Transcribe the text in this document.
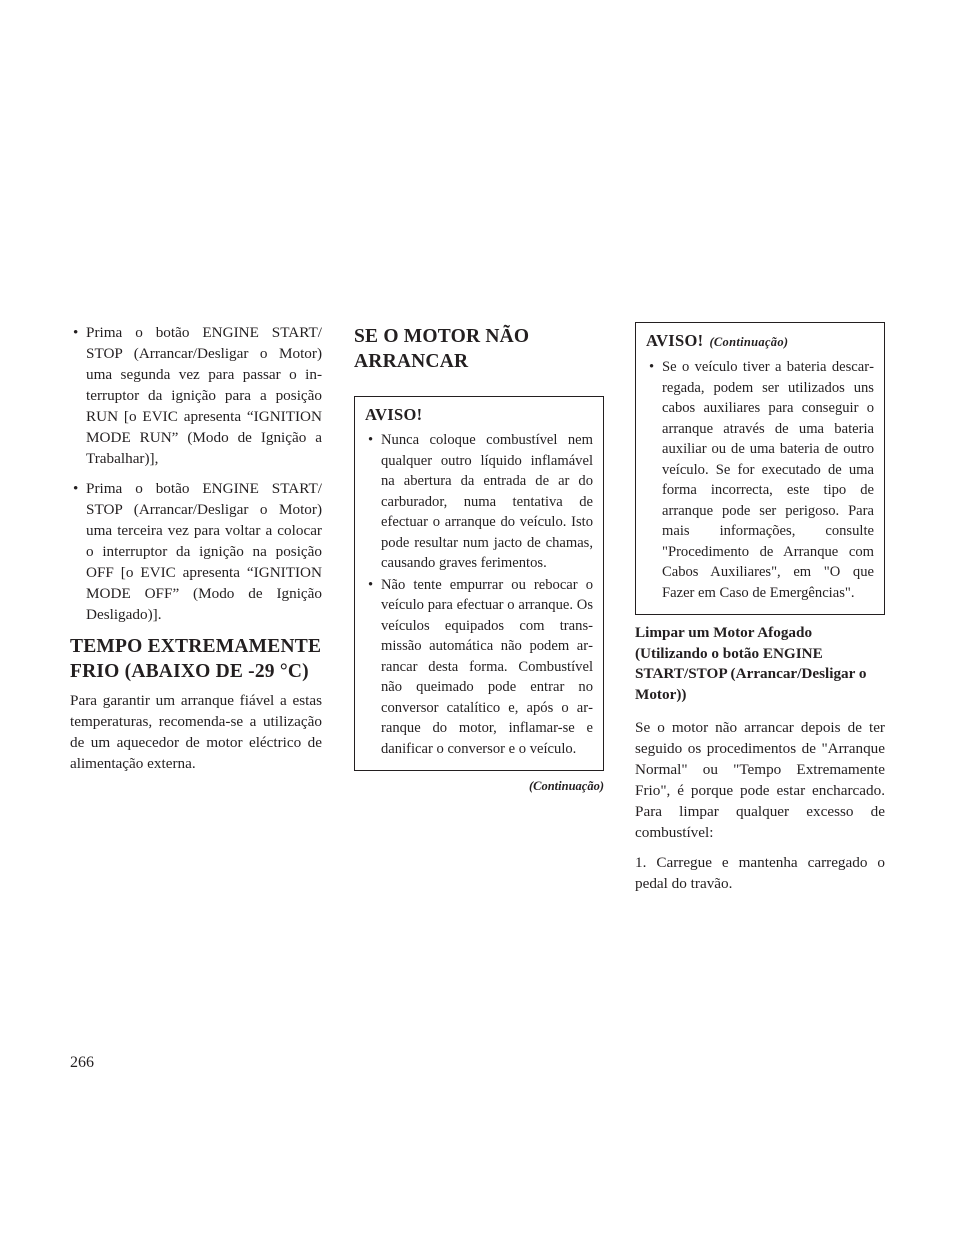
• Prima o botão ENGINE START/ STOP (Arrancar/Desligar o Motor) uma segunda vez para passar o interruptor da ignição para a posição RUN [o EVIC apresenta “IGNITION MODE RUN” (Modo de Ignição a Trabalhar)],
• Prima o botão ENGINE START/ STOP (Arrancar/Desligar o Motor) uma terceira vez para voltar a colocar o interruptor da ignição na posição OFF [o EVIC apresenta “IGNITION MODE OFF” (Modo de Ignição Desligado)].
TEMPO EXTREMAMENTE FRIO (ABAIXO DE -29 °C)

Para garantir um arranque fiável a estas temperaturas, recomenda-se a utilização de um aquecedor de motor eléctrico de alimentação externa.

SE O MOTOR NÃO ARRANCAR
AVISO!
• Nunca coloque combustível nem qualquer outro líquido inflamável na abertura da entrada de ar do carburador, numa tentativa de efectuar o arranque do veículo. Isto pode resultar num jacto de chamas, causando graves ferimentos.
• Não tente empurrar ou rebocar o veículo para efectuar o arranque. Os veículos equipados com transmissão automática não podem arrancar desta forma. Combustível não queimado pode entrar no conversor catalítico e, após o arranque do motor, inflamar-se e danificar o conversor e o veículo.
(Continuação)
AVISO! (Continuação)
• Se o veículo tiver a bateria descarregada, podem ser utilizados uns cabos auxiliares para conseguir o arranque através de uma bateria auxiliar ou de uma bateria de outro veículo. Se for executado de uma forma incorrecta, este tipo de arranque pode ser perigoso. Para mais informações, consulte "Procedimento de Arranque com Cabos Auxiliares", em "O que Fazer em Caso de Emergências".
Limpar um Motor Afogado (Utilizando o botão ENGINE START/STOP (Arrancar/Desligar o Motor))

Se o motor não arrancar depois de ter seguido os procedimentos de "Arranque Normal" ou "Tempo Extremamente Frio", é porque pode estar encharcado. Para limpar qualquer excesso de combustível:

1. Carregue e mantenha carregado o pedal do travão.
266
